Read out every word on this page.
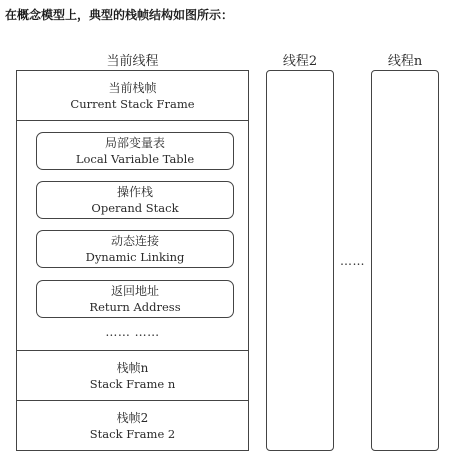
在概念模型上，典型的栈帧结构如图所示：
当前线程	线程2	线程n
当前栈帧
Current Stack Frame
局部变量表
Local Variable Table
操作栈
Operand Stack
动态连接
Dynamic Linking
返回地址
Return Address
…… ……
栈帧n
Stack Frame n
栈帧2
Stack Frame 2
……
